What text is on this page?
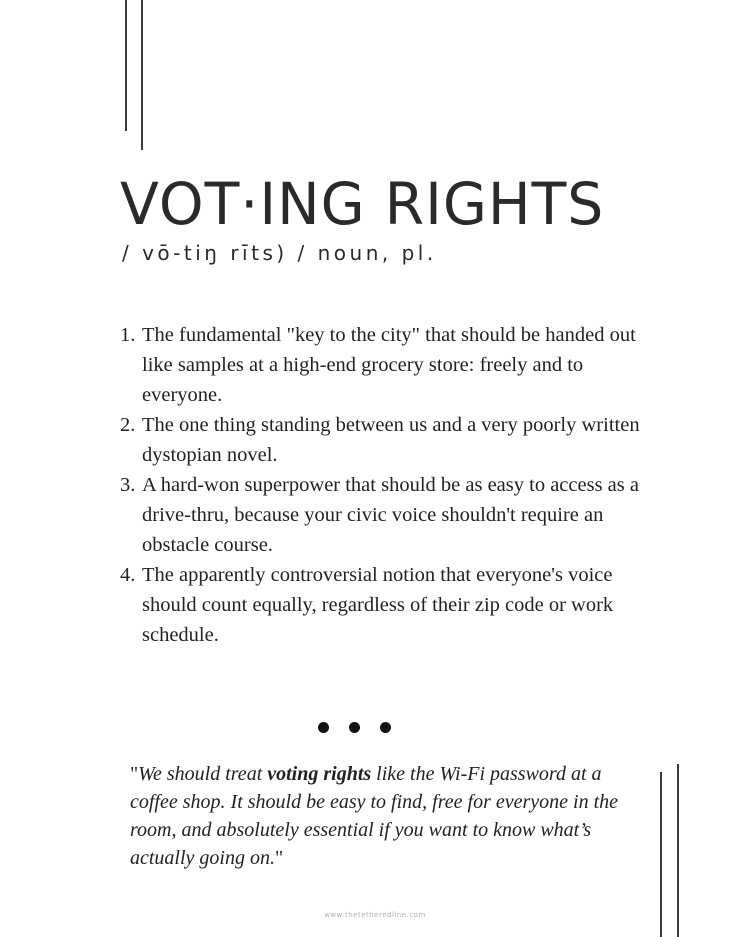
VOT·ING RIGHTS

/ vō-tiŋ rīts) / noun, pl.

1. The fundamental "key to the city" that should be handed out like samples at a high-end grocery store: freely and to everyone.
2. The one thing standing between us and a very poorly written dystopian novel.
3. A hard-won superpower that should be as easy to access as a drive-thru, because your civic voice shouldn't require an obstacle course.
4. The apparently controversial notion that everyone's voice should count equally, regardless of their zip code or work schedule.

"We should treat voting rights like the Wi-Fi password at a coffee shop. It should be easy to find, free for everyone in the room, and absolutely essential if you want to know what’s actually going on."

www.thetetheredline.com
